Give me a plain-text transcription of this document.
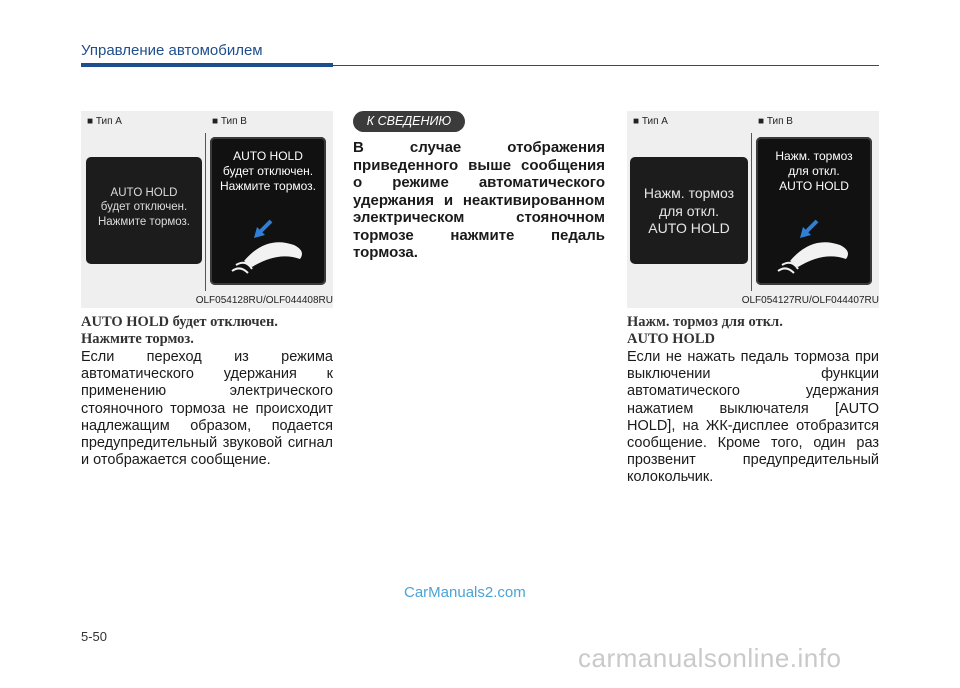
Управление автомобилем
■ Тип A	■ Тип B
AUTO HOLD
будет отключен.
Нажмите тормоз.
AUTO HOLD
будет отключен.
Нажмите тормоз.
OLF054128RU/OLF044408RU
AUTO HOLD будет отключен.
Нажмите тормоз.
Если переход из режима автоматического удержания к применению электрического стояночного тормоза не происходит надлежащим образом, подается предупредительный звуковой сигнал и отображается сообщение.
К СВЕДЕНИЮ
В случае отображения приведенного выше сообщения о режиме автоматического удержания и неактивированном электрическом стояночном тормозе нажмите педаль тормоза.
■ Тип A	■ Тип B
Нажм. тормоз
для откл.
AUTO HOLD
Нажм. тормоз
для откл.
AUTO HOLD
OLF054127RU/OLF044407RU
Нажм. тормоз для откл.
AUTO HOLD
Если не нажать педаль тормоза при выключении функции автоматического удержания нажатием выключателя [AUTO HOLD], на ЖК-дисплее отобразится сообщение. Кроме того, один раз прозвенит предупредительный колокольчик.
CarManuals2.com
5-50
carmanualsonline.info
